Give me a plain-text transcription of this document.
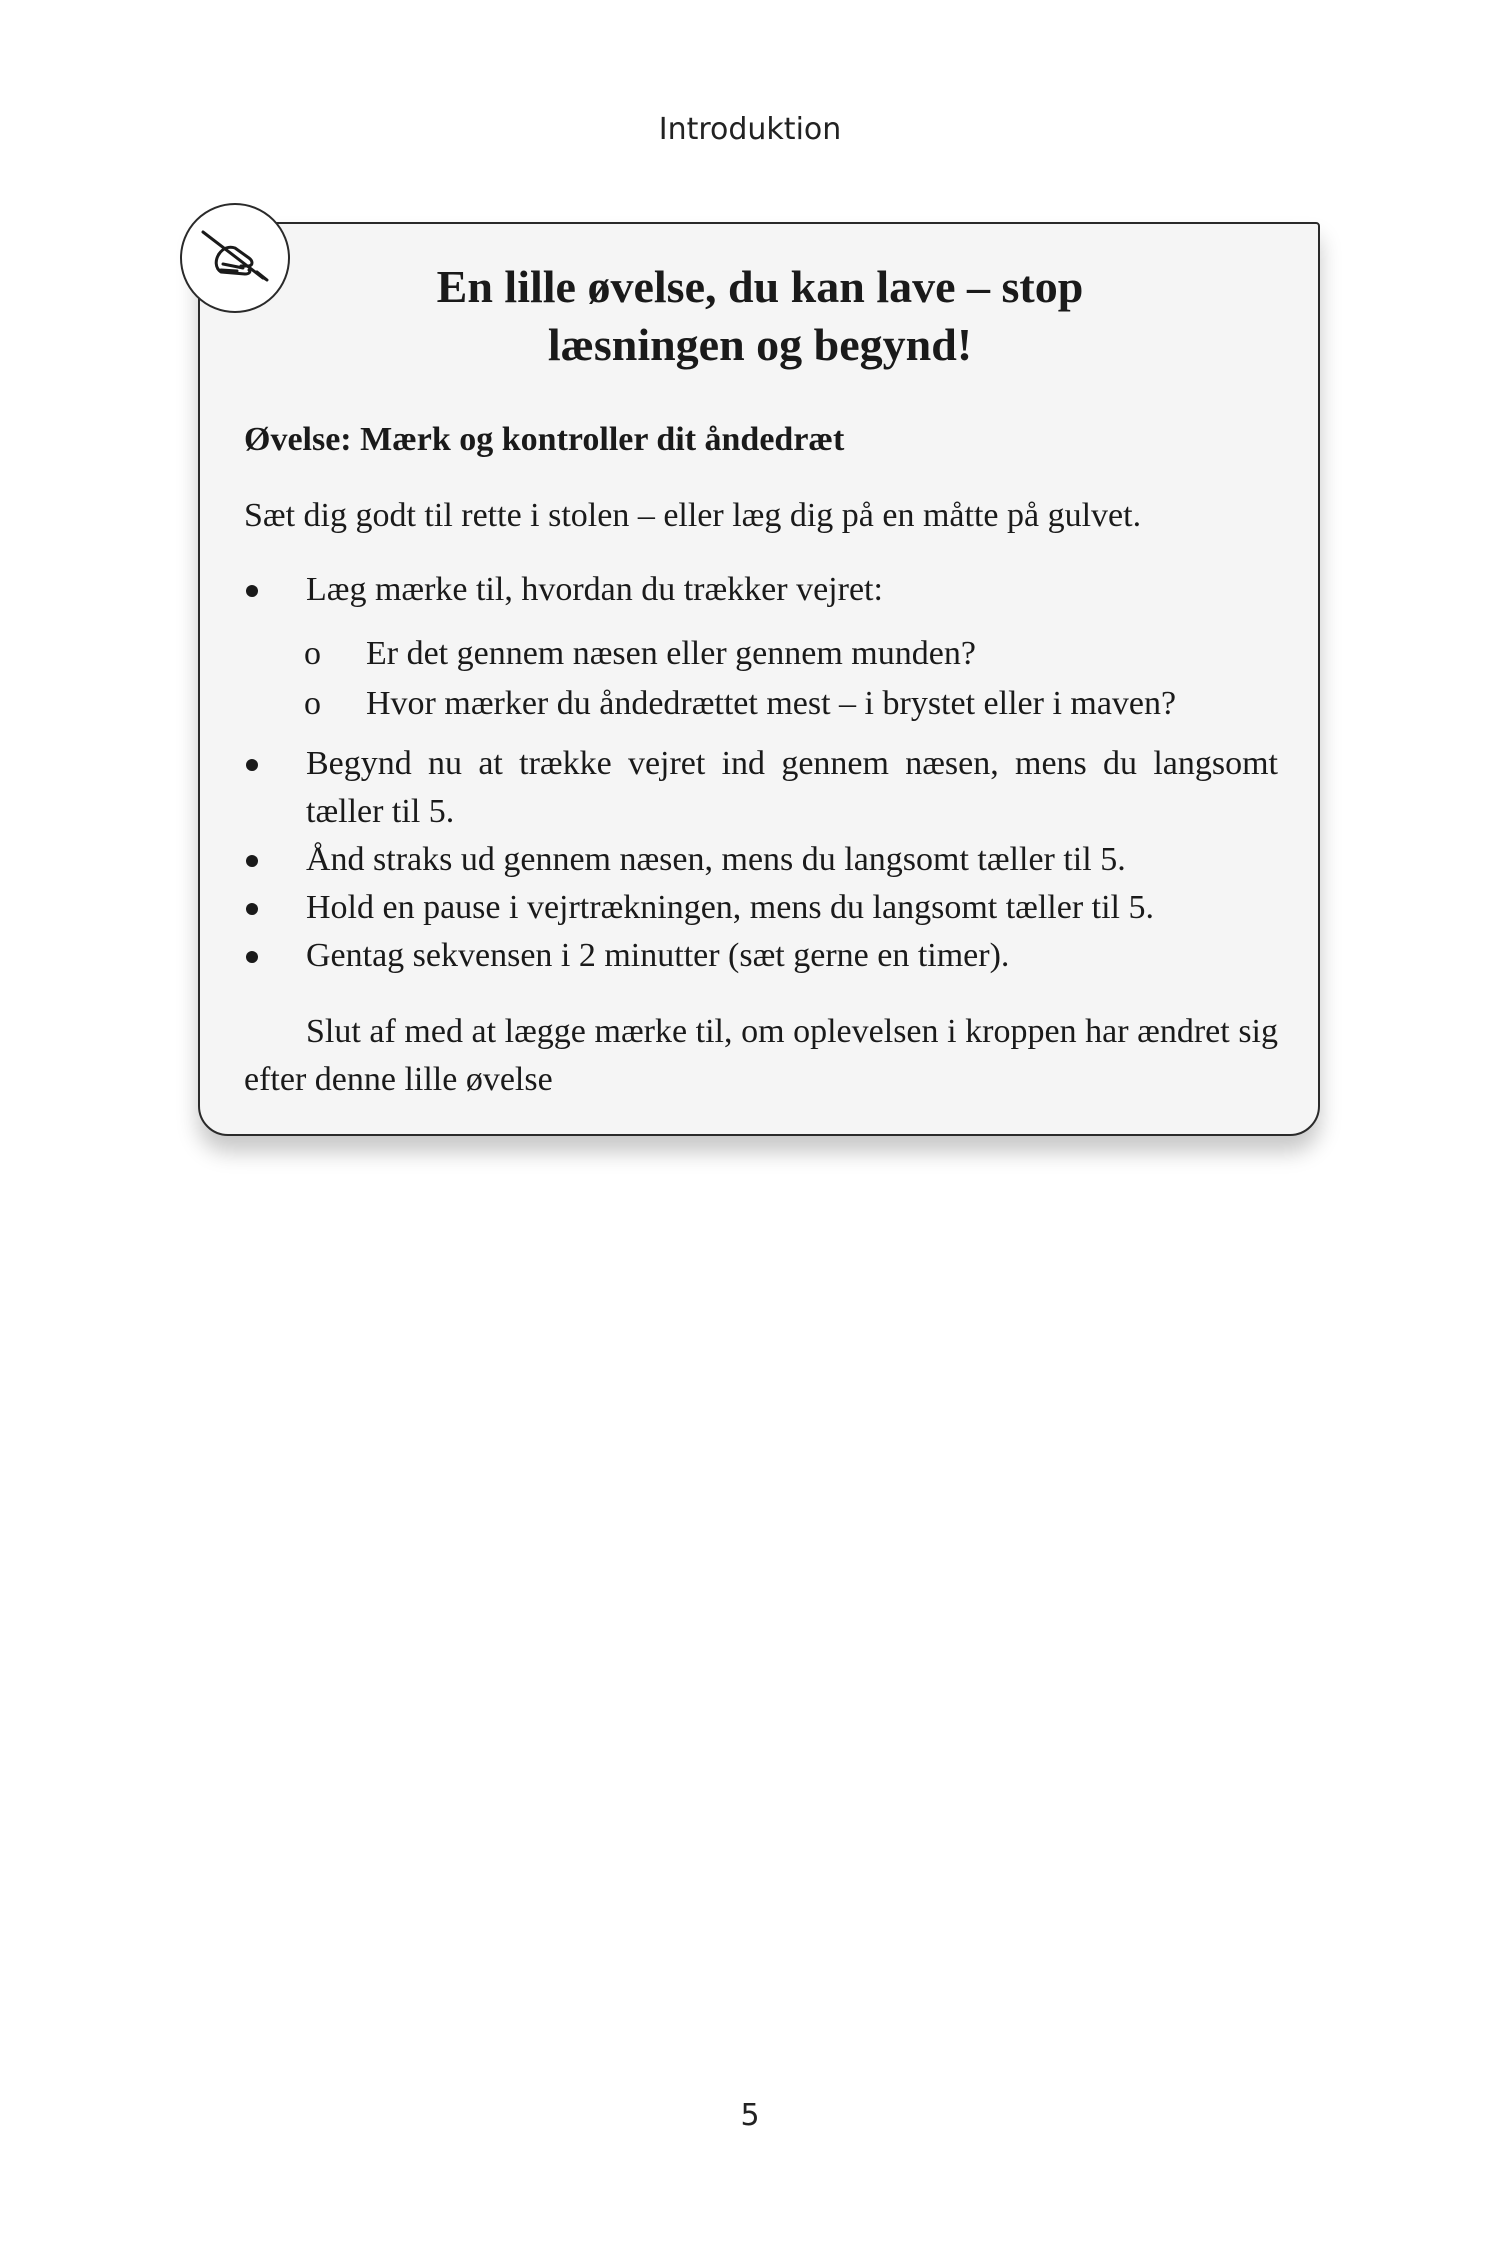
Introduktion
En lille øvelse, du kan lave – stop
læsningen og begynd!
Øvelse: Mærk og kontroller dit åndedræt
Sæt dig godt til rette i stolen – eller læg dig på en måtte på gulvet.
Læg mærke til, hvordan du trækker vejret:
o	Er det gennem næsen eller gennem munden?
o	Hvor mærker du åndedrættet mest – i brystet eller i maven?
Begynd nu at trække vejret ind gennem næsen, mens du langsomt tæller til 5.
Ånd straks ud gennem næsen, mens du langsomt tæller til 5.
Hold en pause i vejrtrækningen, mens du langsomt tæller til 5.
Gentag sekvensen i 2 minutter (sæt gerne en timer).
Slut af med at lægge mærke til, om oplevelsen i kroppen har ændret sig efter denne lille øvelse
5
